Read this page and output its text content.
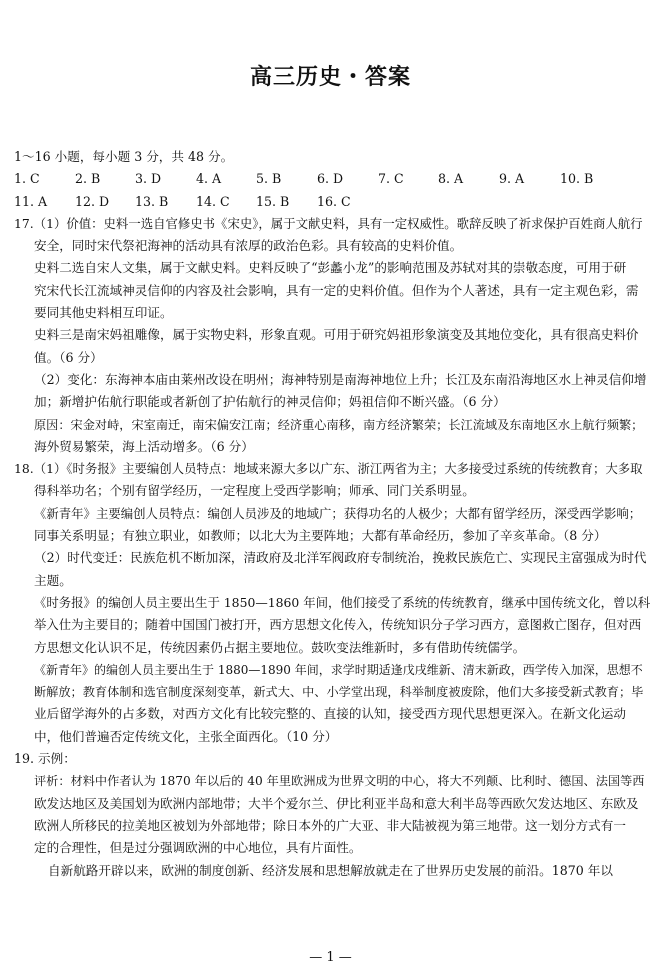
高三历史・答案
1～16 小题，每小题 3 分，共 48 分。
1. C	2. B	3. D	4. A	5. B	6. D	7. C	8. A	9. A	10. B
11. A 12. D 13. B 14. C 15. B 16. C
17.（1）价值：史料一选自官修史书《宋史》，属于文献史料，具有一定权威性。歌辞反映了祈求保护百姓商人航行
安全，同时宋代祭祀海神的活动具有浓厚的政治色彩。具有较高的史料价值。
史料二选自宋人文集，属于文献史料。史料反映了“彭蠡小龙”的影响范围及苏轼对其的崇敬态度，可用于研
究宋代长江流域神灵信仰的内容及社会影响，具有一定的史料价值。但作为个人著述，具有一定主观色彩，需
要同其他史料相互印证。
史料三是南宋妈祖雕像，属于实物史料，形象直观。可用于研究妈祖形象演变及其地位变化，具有很高史料价
值。（6 分）
（2）变化：东海神本庙由莱州改设在明州；海神特别是南海神地位上升；长江及东南沿海地区水上神灵信仰增
加；新增护佑航行职能或者新创了护佑航行的神灵信仰；妈祖信仰不断兴盛。（6 分）
原因：宋金对峙，宋室南迁，南宋偏安江南；经济重心南移，南方经济繁荣；长江流域及东南地区水上航行频繁；
海外贸易繁荣，海上活动增多。（6 分）
18.（1）《时务报》主要编创人员特点：地域来源大多以广东、浙江两省为主；大多接受过系统的传统教育；大多取
得科举功名；个别有留学经历，一定程度上受西学影响；师承、同门关系明显。
《新青年》主要编创人员特点：编创人员涉及的地域广；获得功名的人极少；大都有留学经历，深受西学影响；
同事关系明显；有独立职业，如教师；以北大为主要阵地；大都有革命经历，参加了辛亥革命。（8 分）
（2）时代变迁：民族危机不断加深，清政府及北洋军阀政府专制统治，挽救民族危亡、实现民主富强成为时代
主题。
《时务报》的编创人员主要出生于 1850—1860 年间，他们接受了系统的传统教育，继承中国传统文化，曾以科
举入仕为主要目的；随着中国国门被打开，西方思想文化传入，传统知识分子学习西方，意图救亡图存，但对西
方思想文化认识不足，传统因素仍占据主要地位。鼓吹变法维新时，多有借助传统儒学。
《新青年》的编创人员主要出生于 1880—1890 年间，求学时期适逢戊戌维新、清末新政，西学传入加深，思想不
断解放；教育体制和选官制度深刻变革，新式大、中、小学堂出现，科举制度被废除，他们大多接受新式教育；毕
业后留学海外的占多数，对西方文化有比较完整的、直接的认知，接受西方现代思想更深入。在新文化运动
中，他们普遍否定传统文化，主张全面西化。（10 分）
19. 示例：
评析：材料中作者认为 1870 年以后的 40 年里欧洲成为世界文明的中心，将大不列颠、比利时、德国、法国等西
欧发达地区及美国划为欧洲内部地带；大半个爱尔兰、伊比利亚半岛和意大利半岛等西欧欠发达地区、东欧及
欧洲人所移民的拉美地区被划为外部地带；除日本外的广大亚、非大陆被视为第三地带。这一划分方式有一
定的合理性，但是过分强调欧洲的中心地位，具有片面性。
自新航路开辟以来，欧洲的制度创新、经济发展和思想解放就走在了世界历史发展的前沿。1870 年以
— 1 —
